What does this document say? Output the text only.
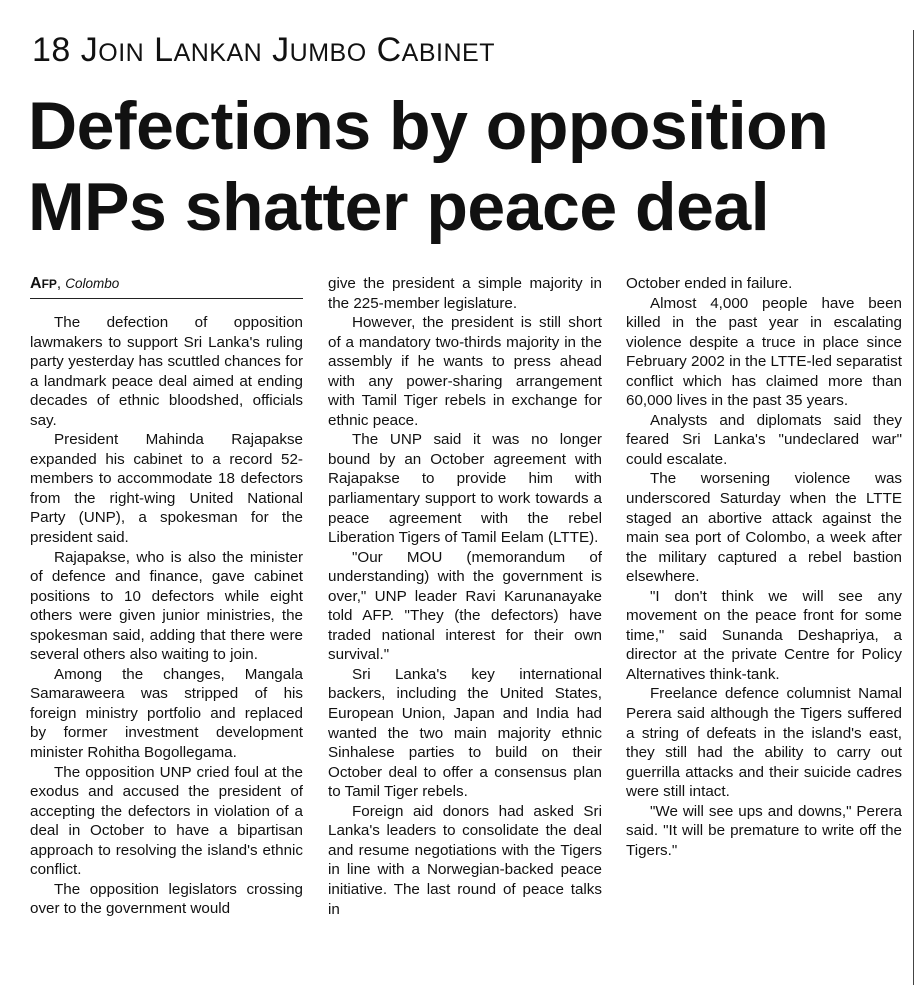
18 JOIN LANKAN JUMBO CABINET
Defections by opposition
MPs shatter peace deal
AFP, Colombo

The defection of opposition lawmakers to support Sri Lanka's ruling party yesterday has scuttled chances for a landmark peace deal aimed at ending decades of ethnic bloodshed, officials say.

President Mahinda Rajapakse expanded his cabinet to a record 52-members to accommodate 18 defectors from the right-wing United National Party (UNP), a spokesman for the president said.

Rajapakse, who is also the minister of defence and finance, gave cabinet positions to 10 defectors while eight others were given junior ministries, the spokesman said, adding that there were several others also waiting to join.

Among the changes, Mangala Samaraweera was stripped of his foreign ministry portfolio and replaced by former investment development minister Rohitha Bogollegama.

The opposition UNP cried foul at the exodus and accused the president of accepting the defectors in violation of a deal in October to have a bipartisan approach to resolving the island's ethnic conflict.

The opposition legislators crossing over to the government would

give the president a simple majority in the 225-member legislature.

However, the president is still short of a mandatory two-thirds majority in the assembly if he wants to press ahead with any power-sharing arrangement with Tamil Tiger rebels in exchange for ethnic peace.

The UNP said it was no longer bound by an October agreement with Rajapakse to provide him with parliamentary support to work towards a peace agreement with the rebel Liberation Tigers of Tamil Eelam (LTTE).

"Our MOU (memorandum of understanding) with the government is over," UNP leader Ravi Karunanayake told AFP. "They (the defectors) have traded national interest for their own survival."

Sri Lanka's key international backers, including the United States, European Union, Japan and India had wanted the two main majority ethnic Sinhalese parties to build on their October deal to offer a consensus plan to Tamil Tiger rebels.

Foreign aid donors had asked Sri Lanka's leaders to consolidate the deal and resume negotiations with the Tigers in line with a Norwegian-backed peace initiative. The last round of peace talks in

October ended in failure.

Almost 4,000 people have been killed in the past year in escalating violence despite a truce in place since February 2002 in the LTTE-led separatist conflict which has claimed more than 60,000 lives in the past 35 years.

Analysts and diplomats said they feared Sri Lanka's "undeclared war" could escalate.

The worsening violence was underscored Saturday when the LTTE staged an abortive attack against the main sea port of Colombo, a week after the military captured a rebel bastion elsewhere.

"I don't think we will see any movement on the peace front for some time," said Sunanda Deshapriya, a director at the private Centre for Policy Alternatives think-tank.

Freelance defence columnist Namal Perera said although the Tigers suffered a string of defeats in the island's east, they still had the ability to carry out guerrilla attacks and their suicide cadres were still intact.

"We will see ups and downs," Perera said. "It will be premature to write off the Tigers."
